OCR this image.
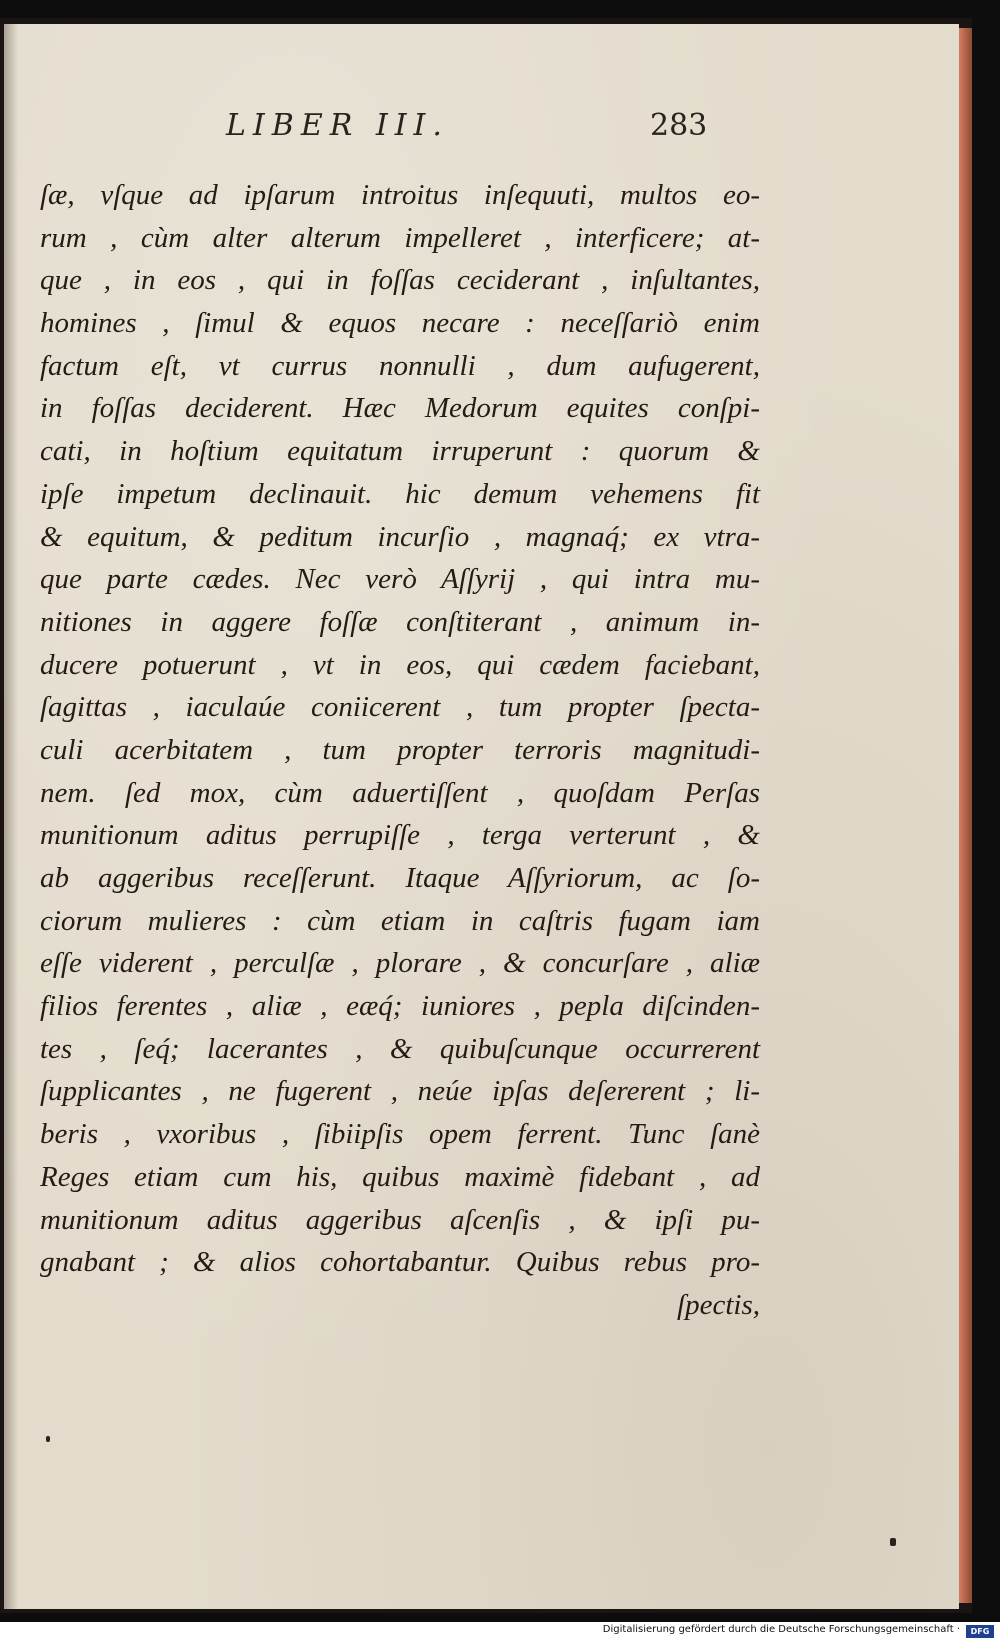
LIBER III.	283
ſæ, vſque ad ipſarum introitus inſequuti, multos eo-
rum , cùm alter alterum impelleret , interficere; at-
que , in eos , qui in foſſas ceciderant , inſultantes,
homines , ſimul & equos necare : neceſſariò enim
factum eſt, vt currus nonnulli , dum aufugerent,
in foſſas deciderent. Hæc Medorum equites conſpi-
cati, in hoſtium equitatum irruperunt : quorum &
ipſe impetum declinauit. hic demum vehemens fit
& equitum, & peditum incurſio , magnaq́; ex vtra-
que parte cædes. Nec verò Aſſyrij , qui intra mu-
nitiones in aggere foſſæ conſtiterant , animum in-
ducere potuerunt , vt in eos, qui cædem faciebant,
ſagittas , iaculaúe coniicerent , tum propter ſpecta-
culi acerbitatem , tum propter terroris magnitudi-
nem. ſed mox, cùm aduertiſſent , quoſdam Perſas
munitionum aditus perrupiſſe , terga verterunt , &
ab aggeribus receſſerunt. Itaque Aſſyriorum, ac ſo-
ciorum mulieres : cùm etiam in caſtris fugam iam
eſſe viderent , perculſæ , plorare , & concurſare , aliæ
filios ferentes , aliæ , eæq́; iuniores , pepla diſcinden-
tes , ſeq́; lacerantes , & quibuſcunque occurrerent
ſupplicantes , ne fugerent , neúe ipſas deſererent ; li-
beris , vxoribus , ſibiipſis opem ferrent. Tunc ſanè
Reges etiam cum his, quibus maximè fidebant , ad
munitionum aditus aggeribus aſcenſis , & ipſi pu-
gnabant ; & alios cohortabantur. Quibus rebus pro-
ſpectis,
Digitalisierung gefördert durch die Deutsche Forschungsgemeinschaft ·	DFG
